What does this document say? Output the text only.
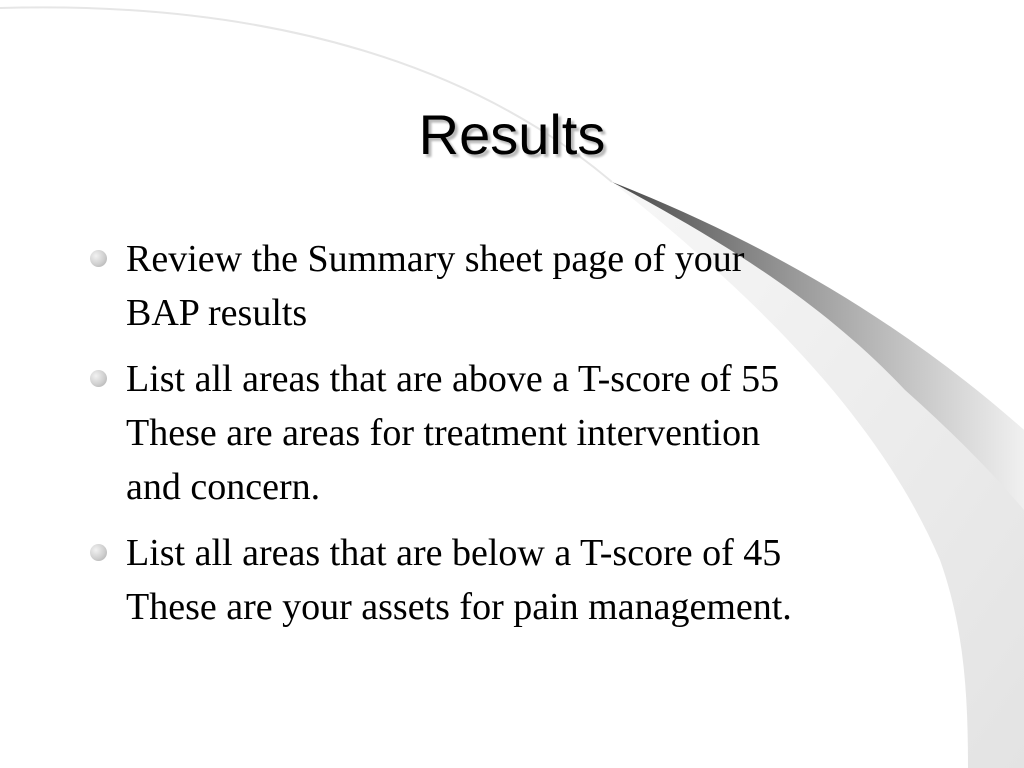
Results
Review the Summary sheet page of your
BAP results
List all areas that are above a T-score of 55
These are areas for treatment intervention
and concern.
List all areas that are below a T-score of 45
These are your assets for pain management.
